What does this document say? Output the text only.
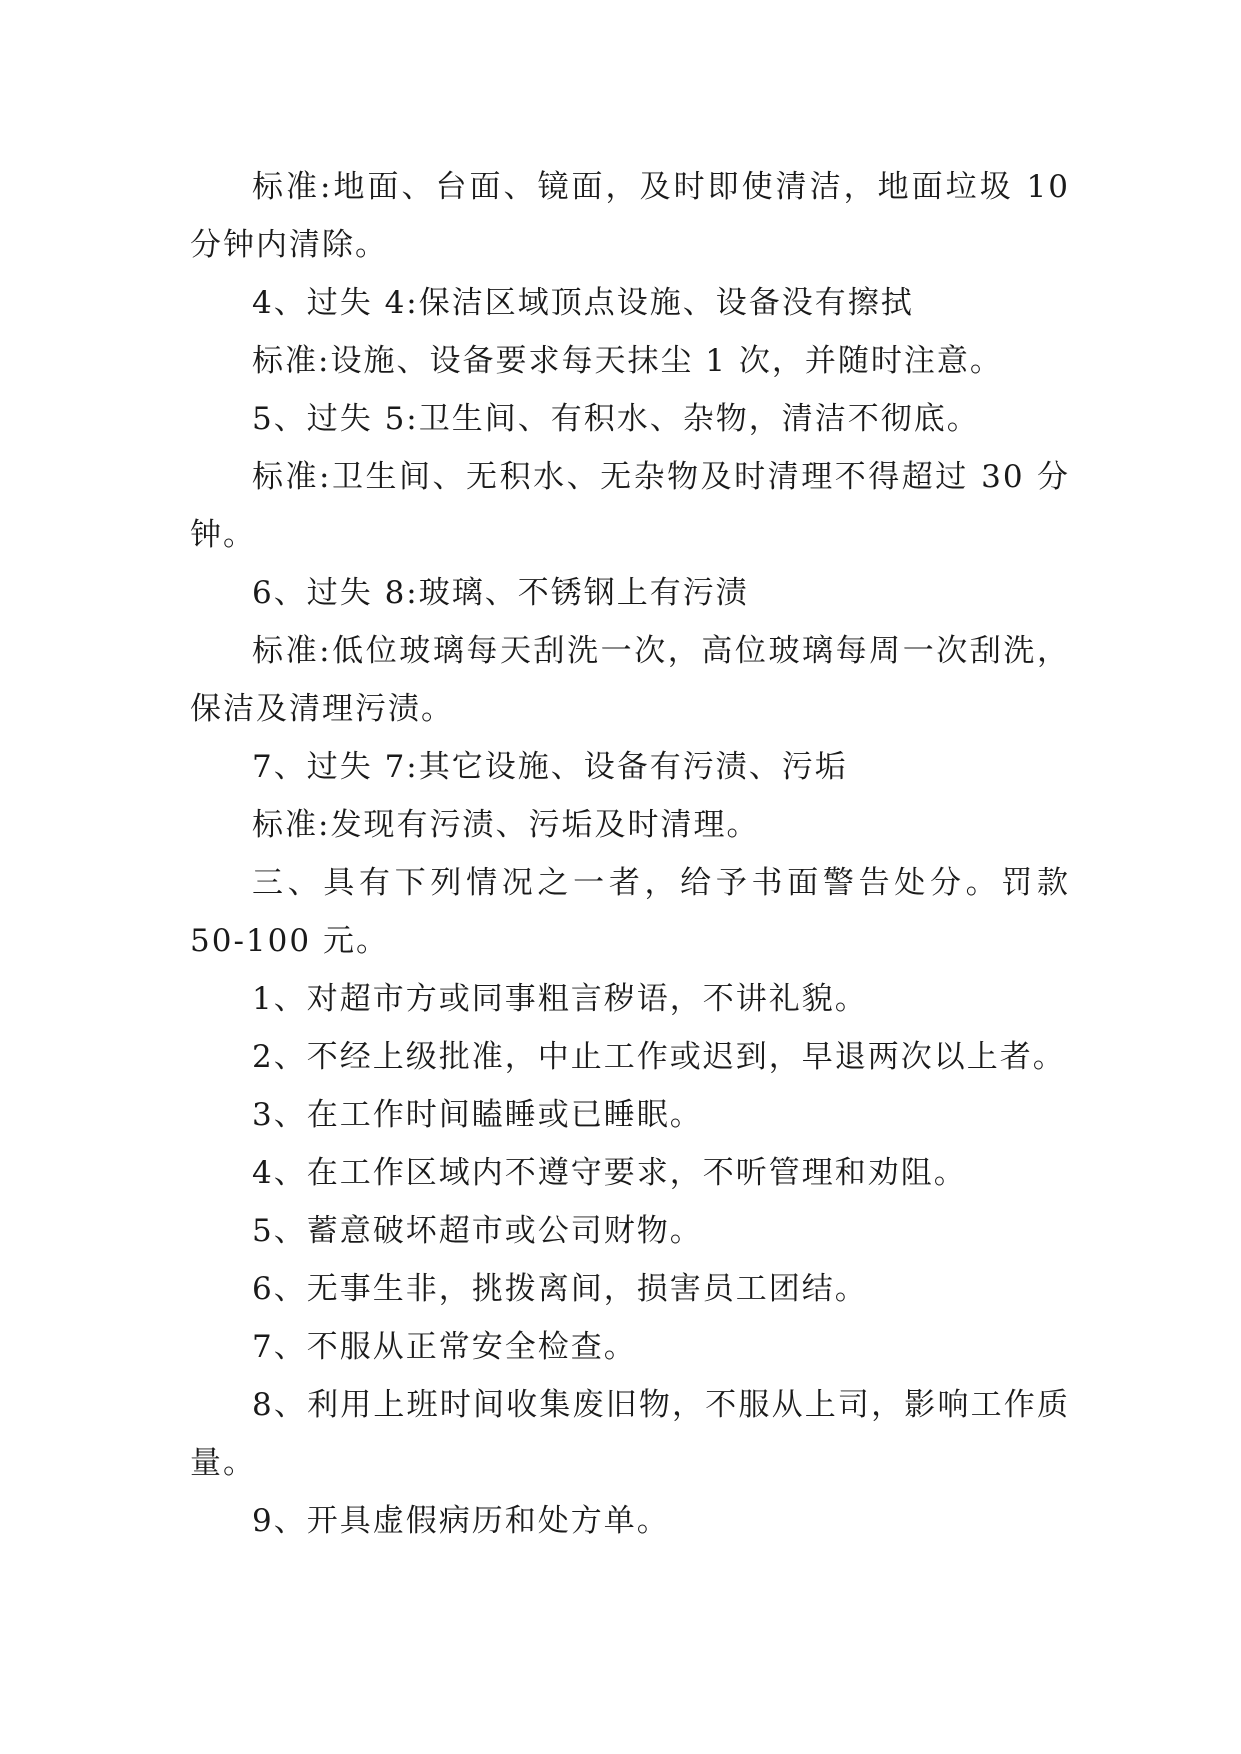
标准:地面、台面、镜面，及时即使清洁，地面垃圾 10 分钟内清除。

4、过失 4:保洁区域顶点设施、设备没有擦拭

标准:设施、设备要求每天抹尘 1 次，并随时注意。

5、过失 5:卫生间、有积水、杂物，清洁不彻底。

标准:卫生间、无积水、无杂物及时清理不得超过 30 分钟。

6、过失 8:玻璃、不锈钢上有污渍

标准:低位玻璃每天刮洗一次，高位玻璃每周一次刮洗，保洁及清理污渍。

7、过失 7:其它设施、设备有污渍、污垢

标准:发现有污渍、污垢及时清理。

三、具有下列情况之一者，给予书面警告处分。罚款 50-100 元。

1、对超市方或同事粗言秽语，不讲礼貌。

2、不经上级批准，中止工作或迟到，早退两次以上者。

3、在工作时间瞌睡或已睡眠。

4、在工作区域内不遵守要求，不听管理和劝阻。

5、蓄意破坏超市或公司财物。

6、无事生非，挑拨离间，损害员工团结。

7、不服从正常安全检查。

8、利用上班时间收集废旧物，不服从上司，影响工作质量。

9、开具虚假病历和处方单。
